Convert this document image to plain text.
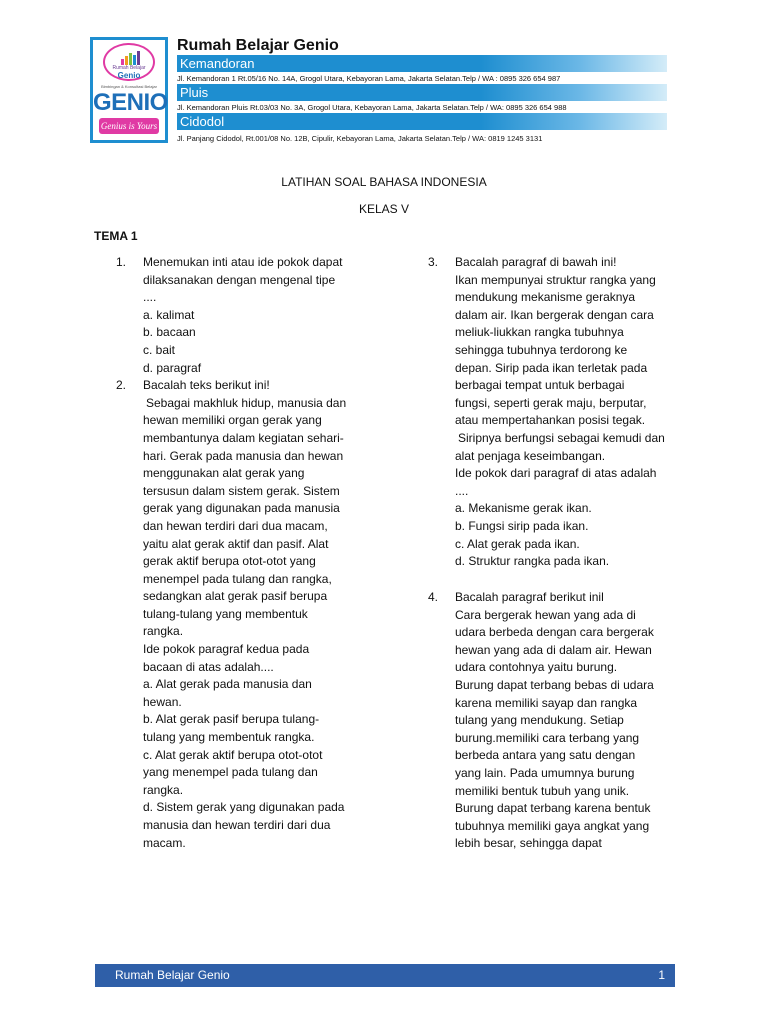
Rumah Belajar
Genio
Bimbingan & Konsultasi Belajar
GENIO
Genius is Yours
Rumah Belajar Genio
Kemandoran
Jl. Kemandoran 1 Rt.05/16 No. 14A, Grogol Utara, Kebayoran Lama, Jakarta Selatan.Telp / WA : 0895 326 654 987
Pluis
Jl. Kemandoran Pluis Rt.03/03 No. 3A, Grogol Utara, Kebayoran Lama, Jakarta Selatan.Telp / WA: 0895 326 654 988
Cidodol
Jl. Panjang Cidodol, Rt.001/08 No. 12B, Cipulir, Kebayoran Lama, Jakarta Selatan.Telp / WA: 0819 1245 3131
LATIHAN SOAL BAHASA INDONESIA
KELAS V
TEMA 1
1. Menemukan inti atau ide pokok dapat
dilaksanakan dengan mengenal tipe
....
a. kalimat
b. bacaan
c. bait
d. paragraf
2. Bacalah teks berikut ini!
Sebagai makhluk hidup, manusia dan
hewan memiliki organ gerak yang
membantunya dalam kegiatan sehari-
hari. Gerak pada manusia dan hewan
menggunakan alat gerak yang
tersusun dalam sistem gerak. Sistem
gerak yang digunakan pada manusia
dan hewan terdiri dari dua macam,
yaitu alat gerak aktif dan pasif. Alat
gerak aktif berupa otot-otot yang
menempel pada tulang dan rangka,
sedangkan alat gerak pasif berupa
tulang-tulang yang membentuk
rangka.
Ide pokok paragraf kedua pada
bacaan di atas adalah....
a. Alat gerak pada manusia dan
hewan.
b. Alat gerak pasif berupa tulang-
tulang yang membentuk rangka.
c. Alat gerak aktif berupa otot-otot
yang menempel pada tulang dan
rangka.
d. Sistem gerak yang digunakan pada
manusia dan hewan terdiri dari dua
macam.
3. Bacalah paragraf di bawah ini!
Ikan mempunyai struktur rangka yang
mendukung mekanisme geraknya
dalam air. Ikan bergerak dengan cara
meliuk-liukkan rangka tubuhnya
sehingga tubuhnya terdorong ke
depan. Sirip pada ikan terletak pada
berbagai tempat untuk berbagai
fungsi, seperti gerak maju, berputar,
atau mempertahankan posisi tegak.
Siripnya berfungsi sebagai kemudi dan
alat penjaga keseimbangan.
Ide pokok dari paragraf di atas adalah
....
a. Mekanisme gerak ikan.
b. Fungsi sirip pada ikan.
c. Alat gerak pada ikan.
d. Struktur rangka pada ikan.
4. Bacalah paragraf berikut inil
Cara bergerak hewan yang ada di
udara berbeda dengan cara bergerak
hewan yang ada di dalam air. Hewan
udara contohnya yaitu burung.
Burung dapat terbang bebas di udara
karena memiliki sayap dan rangka
tulang yang mendukung. Setiap
burung.memiliki cara terbang yang
berbeda antara yang satu dengan
yang lain. Pada umumnya burung
memiliki bentuk tubuh yang unik.
Burung dapat terbang karena bentuk
tubuhnya memiliki gaya angkat yang
lebih besar, sehingga dapat
Rumah Belajar Genio	1
